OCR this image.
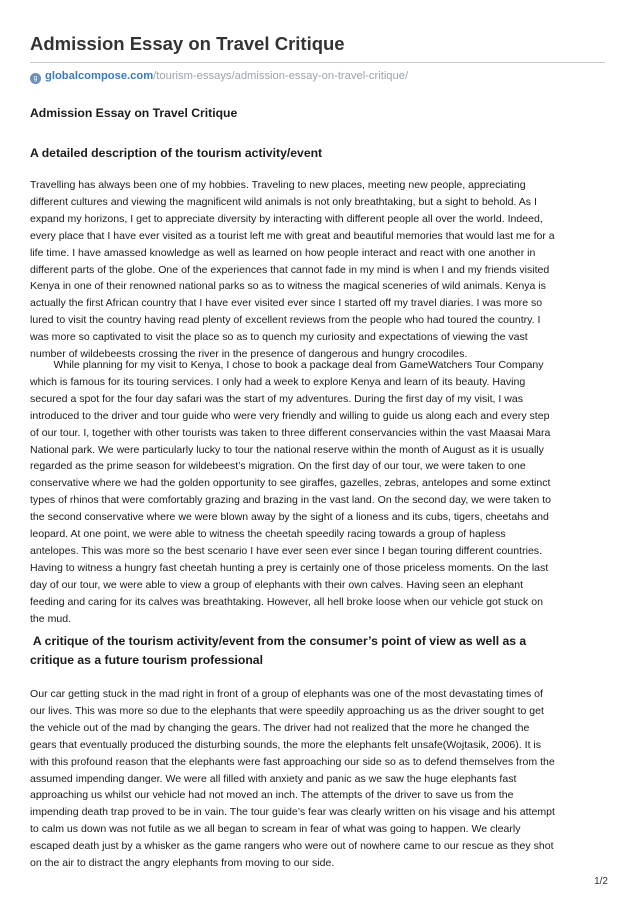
Admission Essay on Travel Critique
g globalcompose.com/tourism-essays/admission-essay-on-travel-critique/
Admission Essay on Travel Critique
A detailed description of the tourism activity/event
Travelling has always been one of my hobbies. Traveling to new places, meeting new people, appreciating
different cultures and viewing the magnificent wild animals is not only breathtaking, but a sight to behold. As I
expand my horizons, I get to appreciate diversity by interacting with different people all over the world. Indeed,
every place that I have ever visited as a tourist left me with great and beautiful memories that would last me for a
life time. I have amassed knowledge as well as learned on how people interact and react with one another in
different parts of the globe. One of the experiences that cannot fade in my mind is when I and my friends visited
Kenya in one of their renowned national parks so as to witness the magical sceneries of wild animals. Kenya is
actually the first African country that I have ever visited ever since I started off my travel diaries. I was more so
lured to visit the country having read plenty of excellent reviews from the people who had toured the country. I
was more so captivated to visit the place so as to quench my curiosity and expectations of viewing the vast
number of wildebeests crossing the river in the presence of dangerous and hungry crocodiles.
While planning for my visit to Kenya, I chose to book a package deal from GameWatchers Tour Company
which is famous for its touring services. I only had a week to explore Kenya and learn of its beauty. Having
secured a spot for the four day safari was the start of my adventures. During the first day of my visit, I was
introduced to the driver and tour guide who were very friendly and willing to guide us along each and every step
of our tour. I, together with other tourists was taken to three different conservancies within the vast Maasai Mara
National park. We were particularly lucky to tour the national reserve within the month of August as it is usually
regarded as the prime season for wildebeest’s migration. On the first day of our tour, we were taken to one
conservative where we had the golden opportunity to see giraffes, gazelles, zebras, antelopes and some extinct
types of rhinos that were comfortably grazing and brazing in the vast land. On the second day, we were taken to
the second conservative where we were blown away by the sight of a lioness and its cubs, tigers, cheetahs and
leopard. At one point, we were able to witness the cheetah speedily racing towards a group of hapless
antelopes. This was more so the best scenario I have ever seen ever since I began touring different countries.
Having to witness a hungry fast cheetah hunting a prey is certainly one of those priceless moments. On the last
day of our tour, we were able to view a group of elephants with their own calves. Having seen an elephant
feeding and caring for its calves was breathtaking. However, all hell broke loose when our vehicle got stuck on
the mud.
A critique of the tourism activity/event from the consumer’s point of view as well as a
critique as a future tourism professional
Our car getting stuck in the mad right in front of a group of elephants was one of the most devastating times of
our lives. This was more so due to the elephants that were speedily approaching us as the driver sought to get
the vehicle out of the mad by changing the gears. The driver had not realized that the more he changed the
gears that eventually produced the disturbing sounds, the more the elephants felt unsafe(Wojtasik, 2006). It is
with this profound reason that the elephants were fast approaching our side so as to defend themselves from the
assumed impending danger. We were all filled with anxiety and panic as we saw the huge elephants fast
approaching us whilst our vehicle had not moved an inch. The attempts of the driver to save us from the
impending death trap proved to be in vain. The tour guide’s fear was clearly written on his visage and his attempt
to calm us down was not futile as we all began to scream in fear of what was going to happen. We clearly
escaped death just by a whisker as the game rangers who were out of nowhere came to our rescue as they shot
on the air to distract the angry elephants from moving to our side.
1/2
